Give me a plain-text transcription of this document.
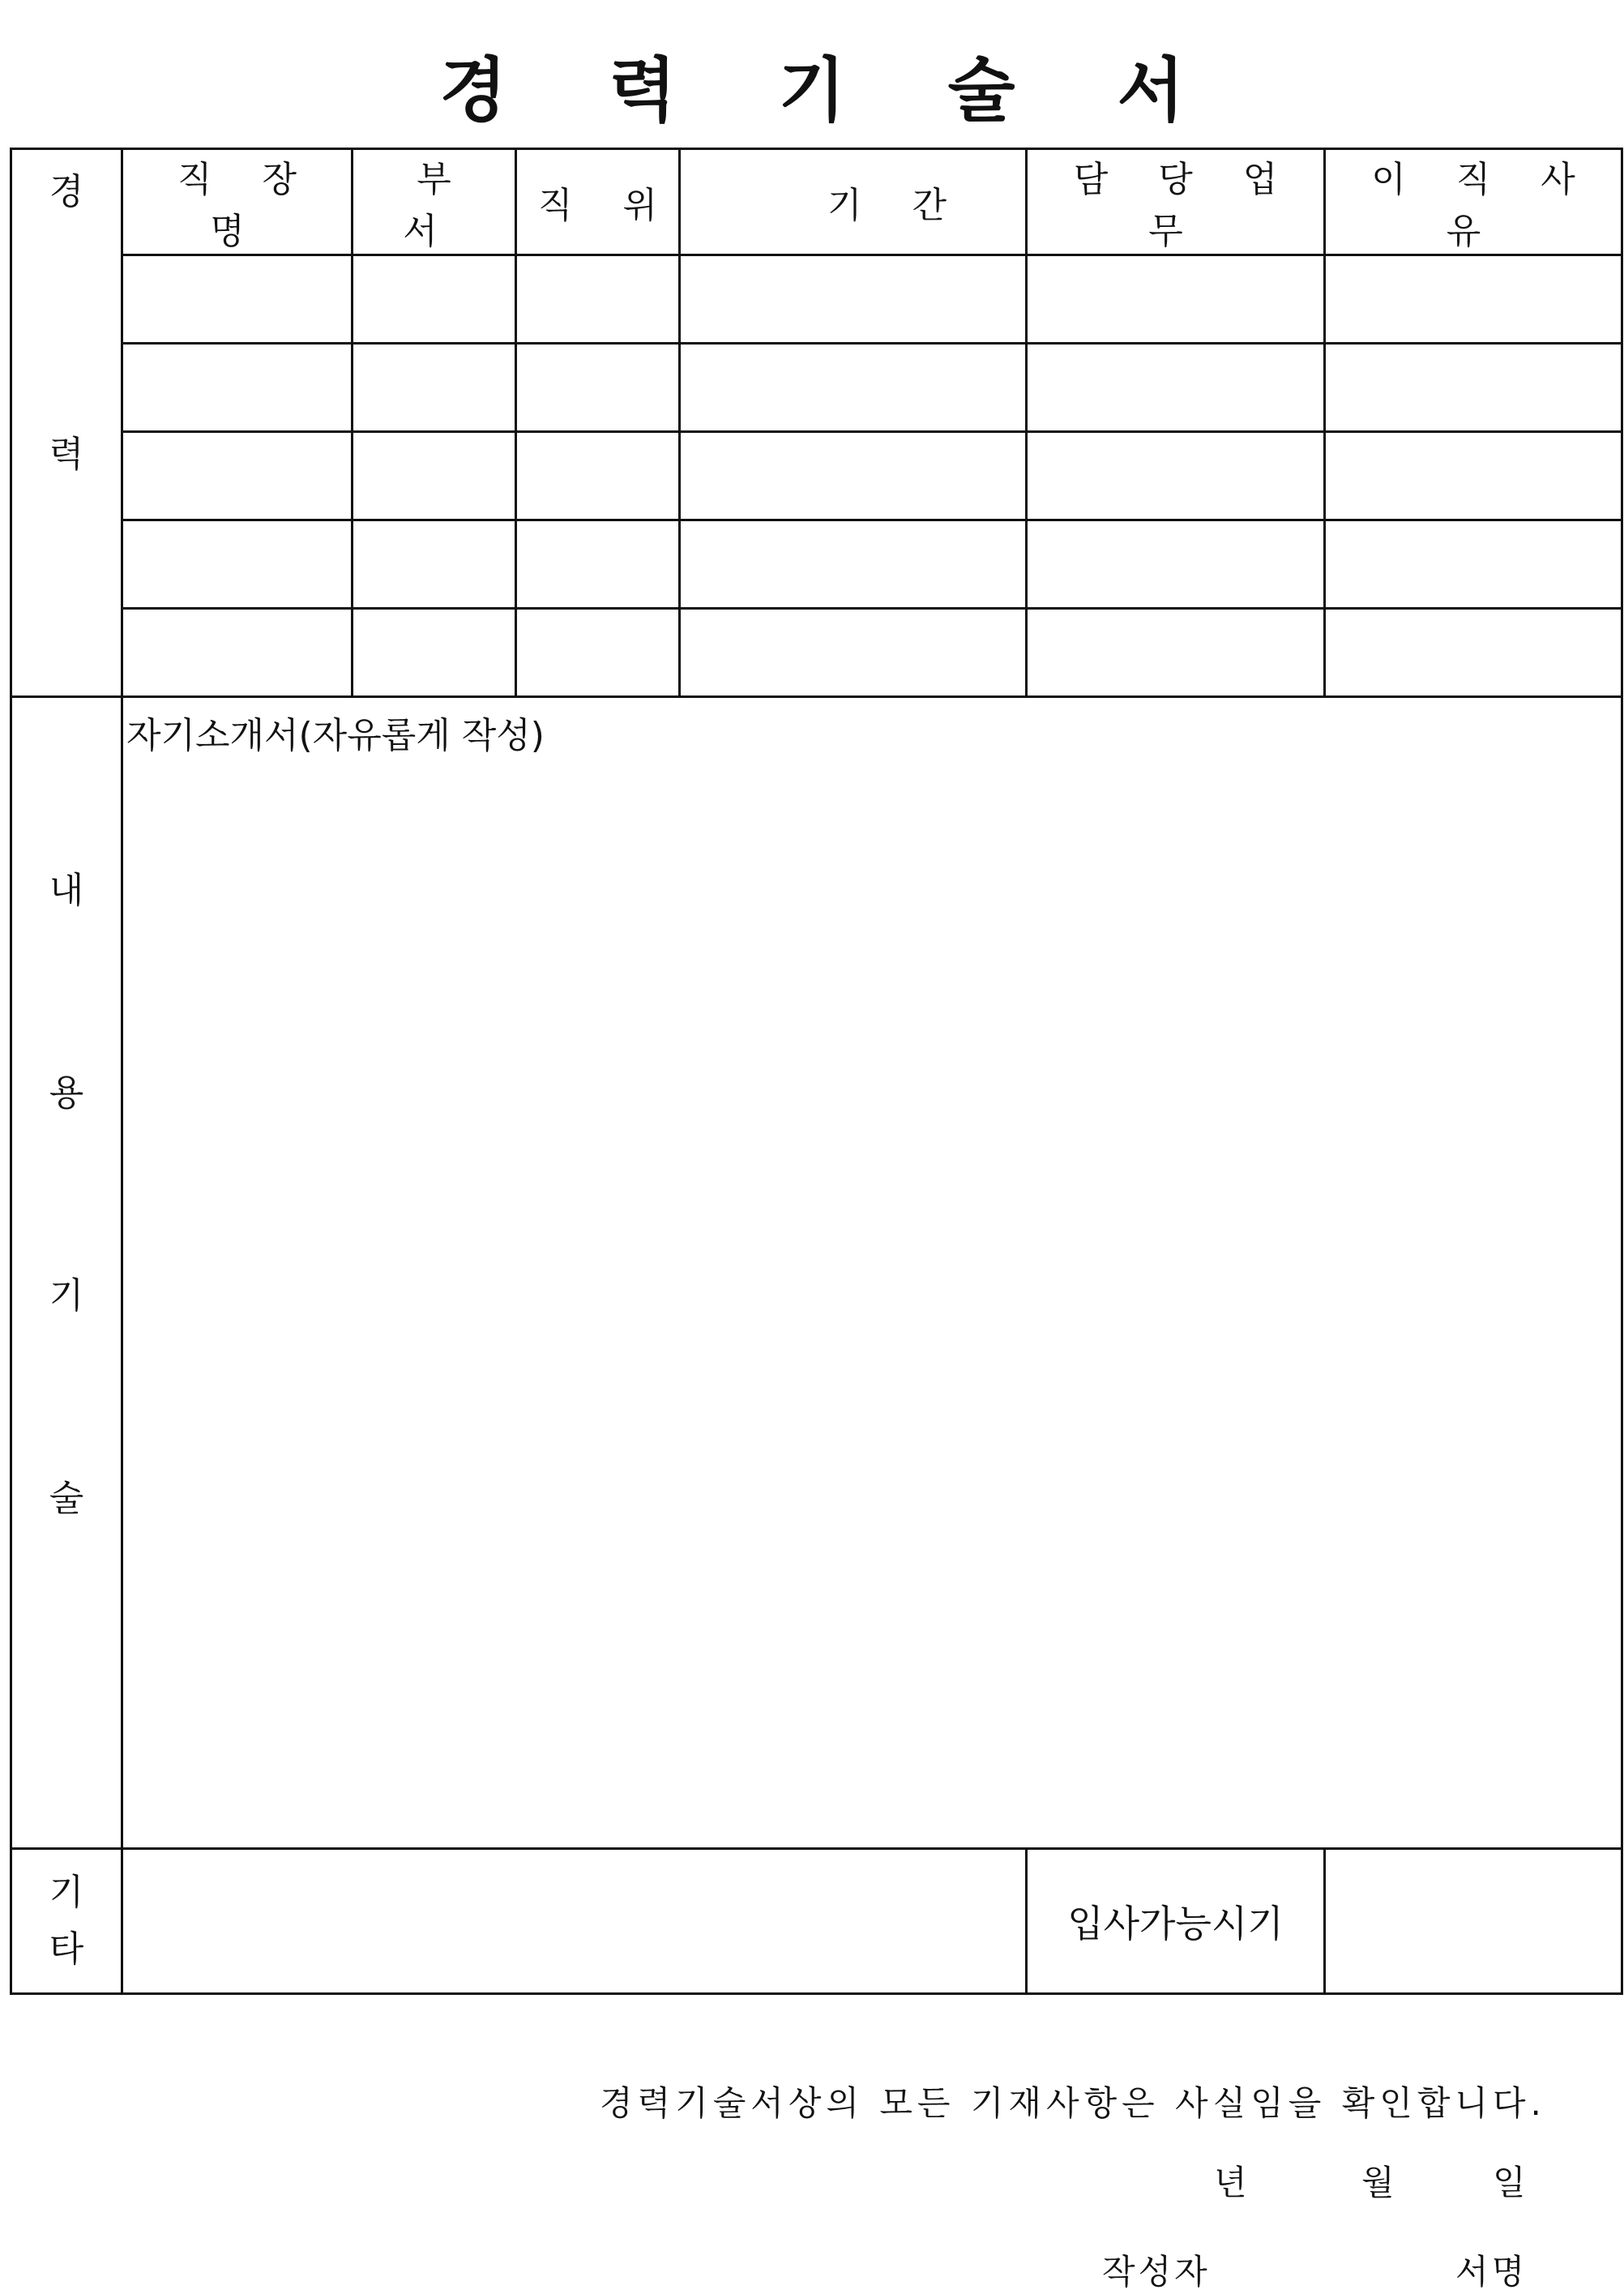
경 력 기 술 서
경
력	직 장 명	부 서	직 위	기 간	담 당 업 무	이 직 사 유

내
용
기
술	자기소개서(자유롭게 작성)					

기
타					입사가능시기	
경력기술서상의 모든 기재사항은 사실임을 확인합니다.
년	월	일
작성자	서명
